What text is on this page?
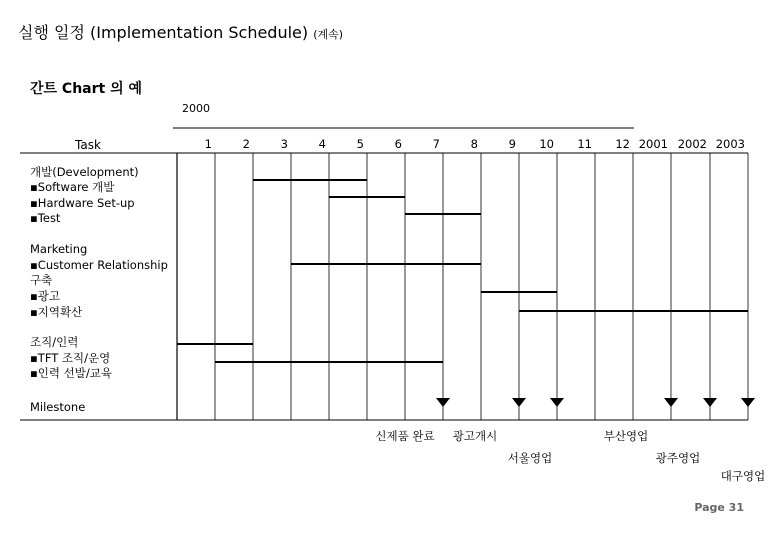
실행 일정 (Implementation Schedule) (계속)
간트 Chart 의 예
2000
Task	1	2	3	4	5	6	7	8	9 10 11 12 2001 2002 2003
개발(Development)
▪Software 개발
▪Hardware Set-up
▪Test
Marketing
▪Customer Relationship
구축
▪광고
▪지역확산
조직/인력
▪TFT 조직/운영
▪인력 선발/교육
Milestone
신제품 완료 광고개시
서울영업
부산영업
광주영업
대구영업
Page 31
